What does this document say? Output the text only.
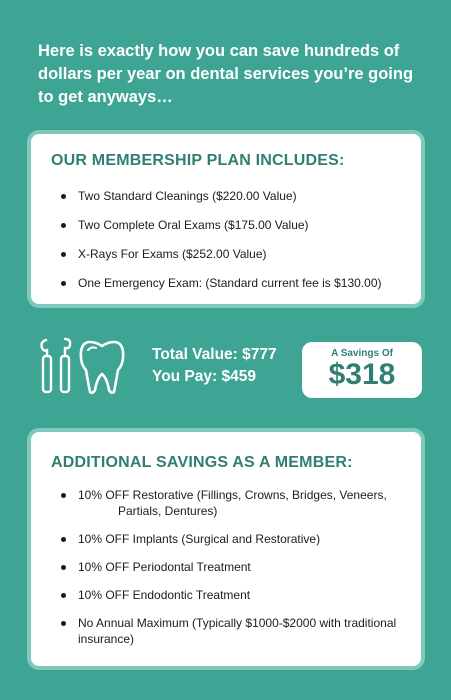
Here is exactly how you can save hundreds of dollars per year on dental services you’re going to get anyways…
OUR MEMBERSHIP PLAN INCLUDES:
Two Standard Cleanings ($220.00 Value)
Two Complete Oral Exams ($175.00 Value)
X-Rays For Exams ($252.00 Value)
One Emergency Exam: (Standard current fee is $130.00)
Total Value: $777
You Pay: $459
A Savings Of
$318
ADDITIONAL SAVINGS AS A MEMBER:
10% OFF Restorative (Fillings, Crowns, Bridges, Veneers,
Partials, Dentures)
10% OFF Implants (Surgical and Restorative)
10% OFF Periodontal Treatment
10% OFF Endodontic Treatment
No Annual Maximum (Typically $1000-$2000 with traditional insurance)
